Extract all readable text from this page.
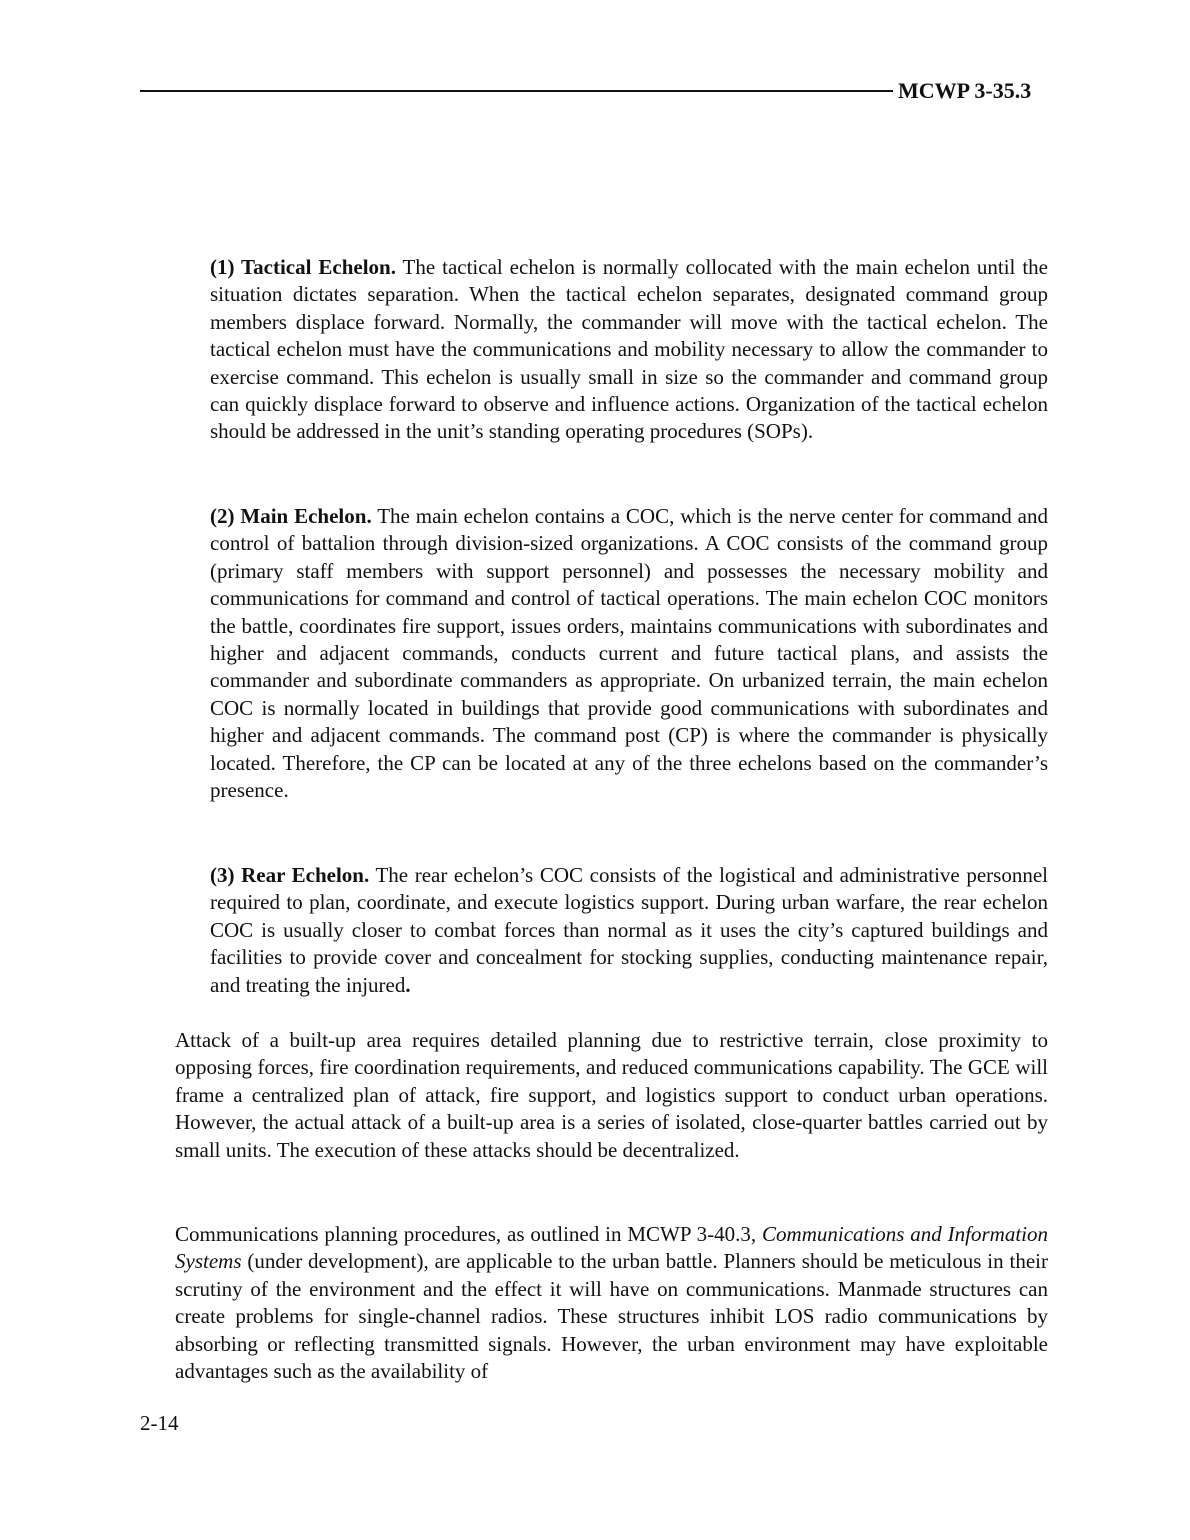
MCWP 3-35.3

(1) Tactical Echelon. The tactical echelon is normally collocated with the main echelon until the situation dictates separation. When the tactical echelon separates, designated command group members displace forward. Normally, the commander will move with the tactical echelon. The tactical echelon must have the communications and mobility necessary to allow the commander to exercise command. This echelon is usually small in size so the commander and command group can quickly displace forward to observe and influence actions. Organization of the tactical echelon should be addressed in the unit’s standing operating procedures (SOPs).

(2) Main Echelon. The main echelon contains a COC, which is the nerve center for command and control of battalion through division-sized organizations. A COC consists of the command group (primary staff members with support personnel) and possesses the necessary mobility and communications for command and control of tactical operations. The main echelon COC monitors the battle, coordinates fire support, issues orders, maintains communications with subordinates and higher and adjacent commands, conducts current and future tactical plans, and assists the commander and subordinate commanders as appropriate. On urbanized terrain, the main echelon COC is normally located in buildings that provide good communications with subordinates and higher and adjacent commands. The command post (CP) is where the commander is physically located. Therefore, the CP can be located at any of the three echelons based on the commander’s presence.

(3) Rear Echelon. The rear echelon’s COC consists of the logistical and administrative personnel required to plan, coordinate, and execute logistics support. During urban warfare, the rear echelon COC is usually closer to combat forces than normal as it uses the city’s captured buildings and facilities to provide cover and concealment for stocking supplies, conducting maintenance repair, and treating the injured.

Attack of a built-up area requires detailed planning due to restrictive terrain, close proximity to opposing forces, fire coordination requirements, and reduced communications capability. The GCE will frame a centralized plan of attack, fire support, and logistics support to conduct urban operations. However, the actual attack of a built-up area is a series of isolated, close-quarter battles carried out by small units. The execution of these attacks should be decentralized.

Communications planning procedures, as outlined in MCWP 3-40.3, Communications and Information Systems (under development), are applicable to the urban battle. Planners should be meticulous in their scrutiny of the environment and the effect it will have on communications. Manmade structures can create problems for single-channel radios. These structures inhibit LOS radio communications by absorbing or reflecting transmitted signals. However, the urban environment may have exploitable advantages such as the availability of

2-14
